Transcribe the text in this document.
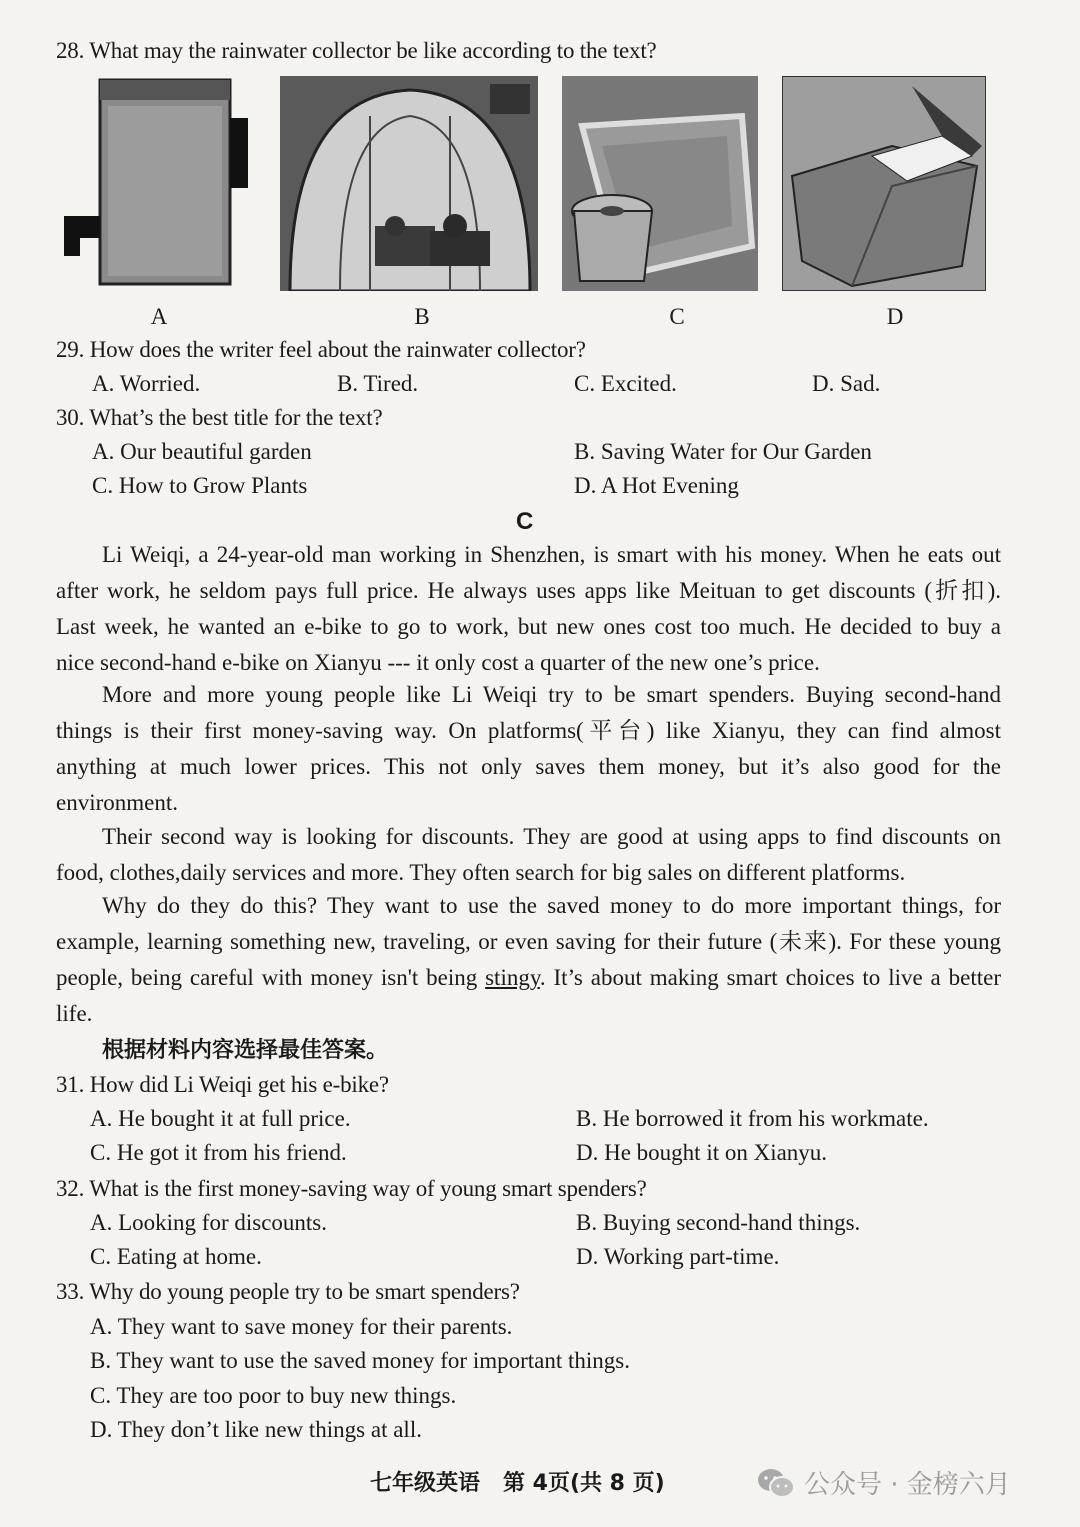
28. What may the rainwater collector be like according to the text?
A	B	C	D
29. How does the writer feel about the rainwater collector?
A. Worried.	B. Tired.	C. Excited.	D. Sad.
30. What’s the best title for the text?
A. Our beautiful garden	B. Saving Water for Our Garden
C. How to Grow Plants	D. A Hot Evening
C
Li Weiqi, a 24-year-old man working in Shenzhen, is smart with his money. When he eats out
after work, he seldom pays full price. He always uses apps like Meituan to get discounts (折扣).
Last week, he wanted an e-bike to go to work, but new ones cost too much. He decided to buy a
nice second-hand e-bike on Xianyu --- it only cost a quarter of the new one’s price.
More and more young people like Li Weiqi try to be smart spenders. Buying second-hand
things is their first money-saving way. On platforms(平台) like Xianyu, they can find almost
anything at much lower prices. This not only saves them money, but it’s also good for the
environment.
Their second way is looking for discounts. They are good at using apps to find discounts on
food, clothes,daily services and more. They often search for big sales on different platforms.
Why do they do this? They want to use the saved money to do more important things, for
example, learning something new, traveling, or even saving for their future (未来). For these young
people, being careful with money isn't being stingy. It’s about making smart choices to live a better
life.
根据材料内容选择最佳答案。
31. How did Li Weiqi get his e-bike?
A. He bought it at full price.	B. He borrowed it from his workmate.
C. He got it from his friend.	D. He bought it on Xianyu.
32. What is the first money-saving way of young smart spenders?
A. Looking for discounts.	B. Buying second-hand things.
C. Eating at home.	D. Working part-time.
33. Why do young people try to be smart spenders?
A. They want to save money for their parents.
B. They want to use the saved money for important things.
C. They are too poor to buy new things.
D. They don’t like new things at all.
七年级英语   第 4页(共 8 页)	公众号 · 金榜六月
